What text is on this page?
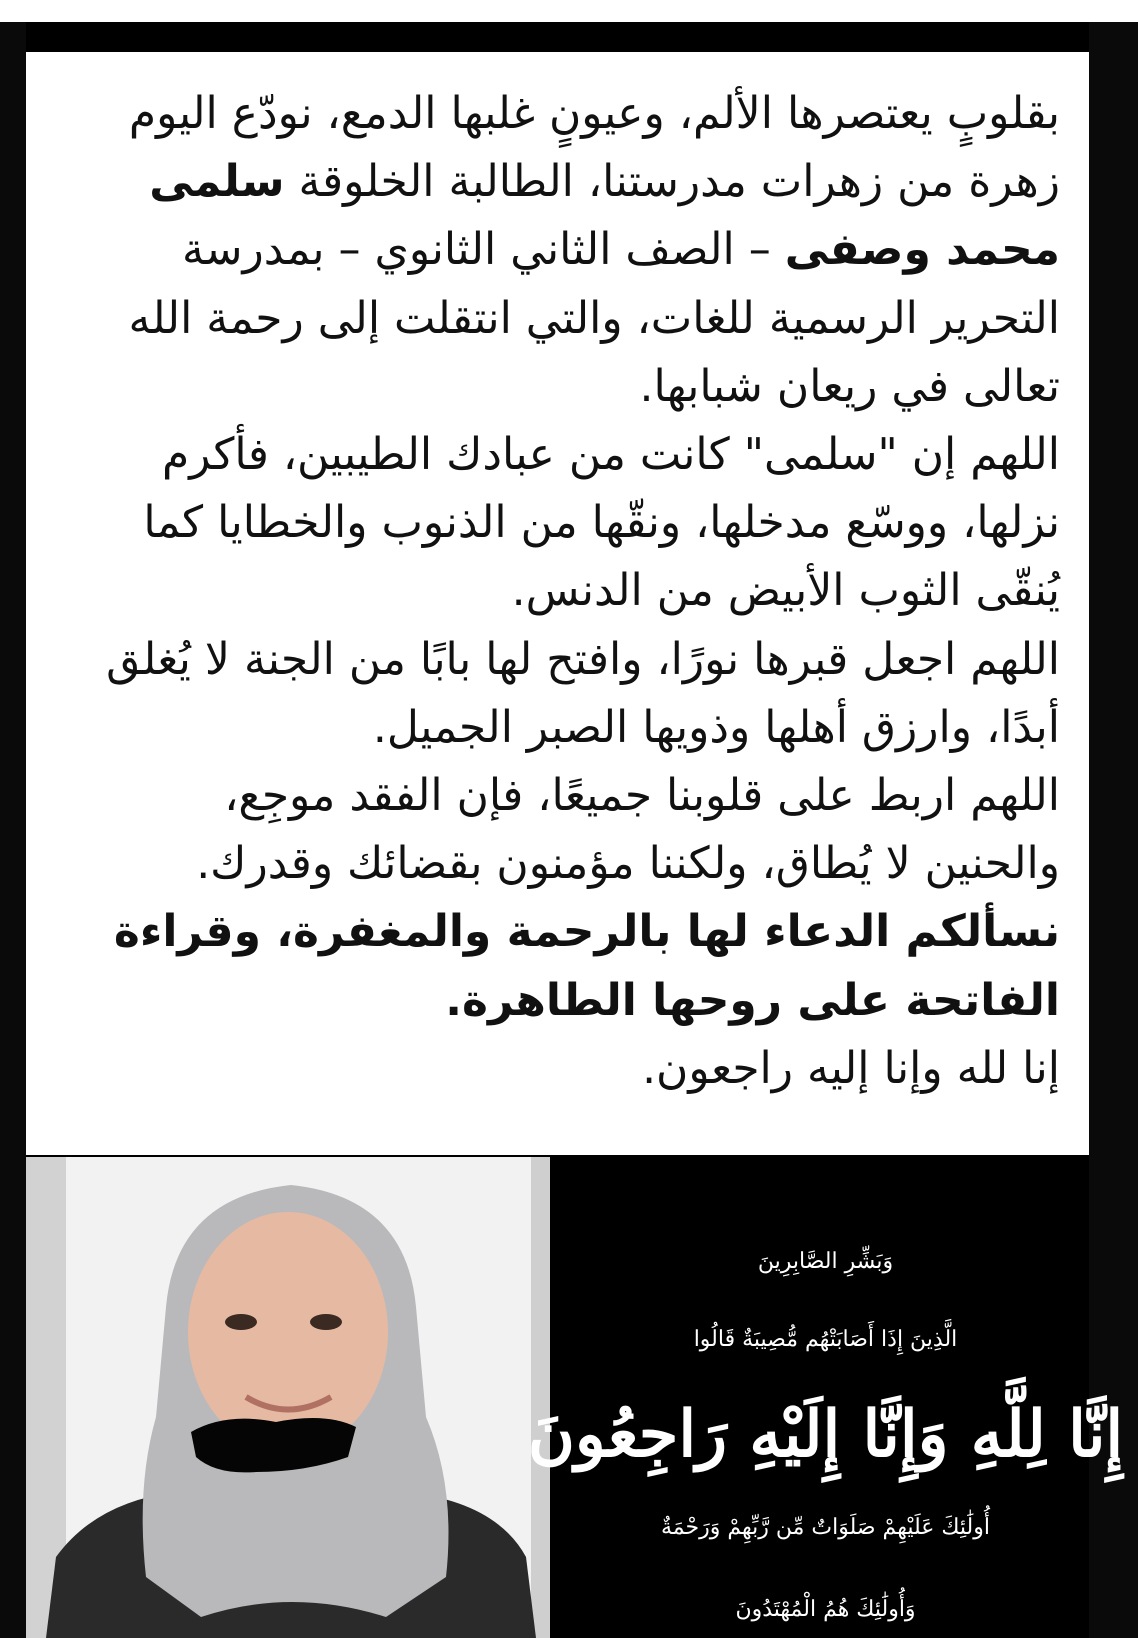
بقلوبٍ يعتصرها الألم، وعيونٍ غلبها الدمع، نودّع اليوم زهرة من زهرات مدرستنا، الطالبة الخلوقة سلمى محمد وصفى – الصف الثاني الثانوي – بمدرسة التحرير الرسمية للغات، والتي انتقلت إلى رحمة الله تعالى في ريعان شبابها.

اللهم إن "سلمى" كانت من عبادك الطيبين، فأكرم نزلها، ووسّع مدخلها، ونقّها من الذنوب والخطايا كما يُنقّى الثوب الأبيض من الدنس.

اللهم اجعل قبرها نورًا، وافتح لها بابًا من الجنة لا يُغلق أبدًا، وارزق أهلها وذويها الصبر الجميل.

اللهم اربط على قلوبنا جميعًا، فإن الفقد موجِع، والحنين لا يُطاق، ولكننا مؤمنون بقضائك وقدرك.

نسألكم الدعاء لها بالرحمة والمغفرة، وقراءة الفاتحة على روحها الطاهرة.

إنا لله وإنا إليه راجعون.

وَبَشِّرِ الصَّابِرِينَ
الَّذِينَ إِذَا أَصَابَتْهُم مُّصِيبَةٌ قَالُوا
إِنَّا لِلَّهِ وَإِنَّا إِلَيْهِ رَاجِعُونَ
أُولَٰئِكَ عَلَيْهِمْ صَلَوَاتٌ مِّن رَّبِّهِمْ وَرَحْمَةٌ
وَأُولَٰئِكَ هُمُ الْمُهْتَدُونَ
